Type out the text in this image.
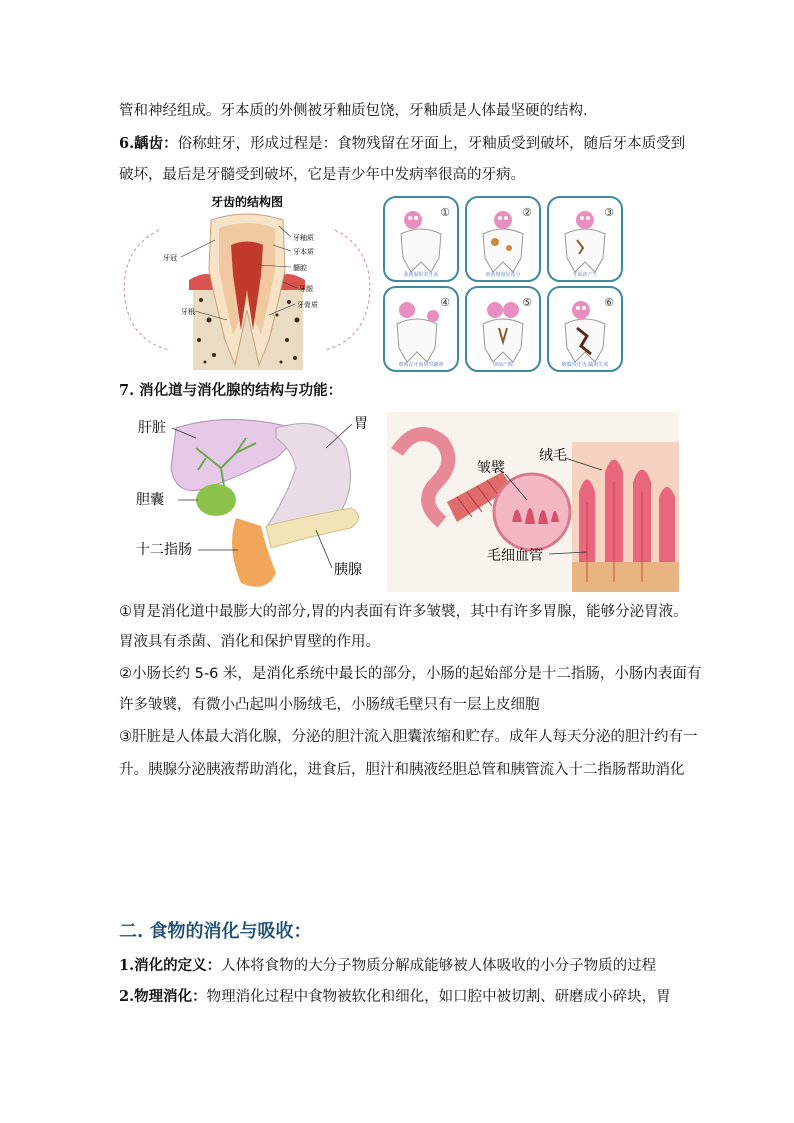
管和神经组成。牙本质的外侧被牙釉质包饶，牙釉质是人体最坚硬的结构.
6.龋齿：俗称蛀牙，形成过程是：食物残留在牙面上，牙釉质受到破坏，随后牙本质受到
破坏，最后是牙髓受到破坏，它是青少年中发病率很高的牙病。
牙齿的结构图
牙冠
牙根
牙釉质
牙本质
髓腔
牙龈
牙骨质
①
我就黏附着牙面
②
细菌慢慢侵蚀分
③
牙面就产生
④
细菌在牙菌斑里繁殖
⑤
细菌产酸
⑥
酸腐蚀牙齿,龋洞生成
7. 消化道与消化腺的结构与功能：
肝脏	胃
胆囊
十二指肠
胰腺
皱襞
绒毛
毛细血管
①胃是消化道中最膨大的部分,胃的内表面有许多皱襞，其中有许多胃腺，能够分泌胃液。
胃液具有杀菌、消化和保护胃壁的作用。
②小肠长约 5-6 米，是消化系统中最长的部分，小肠的起始部分是十二指肠，小肠内表面有
许多皱襞，有微小凸起叫小肠绒毛，小肠绒毛壁只有一层上皮细胞
③肝脏是人体最大消化腺，分泌的胆汁流入胆囊浓缩和贮存。成年人每天分泌的胆汁约有一
升。胰腺分泌胰液帮助消化，进食后，胆汁和胰液经胆总管和胰管流入十二指肠帮助消化
二. 食物的消化与吸收：
1.消化的定义：人体将食物的大分子物质分解成能够被人体吸收的小分子物质的过程
2.物理消化：物理消化过程中食物被软化和细化，如口腔中被切割、研磨成小碎块，胃
